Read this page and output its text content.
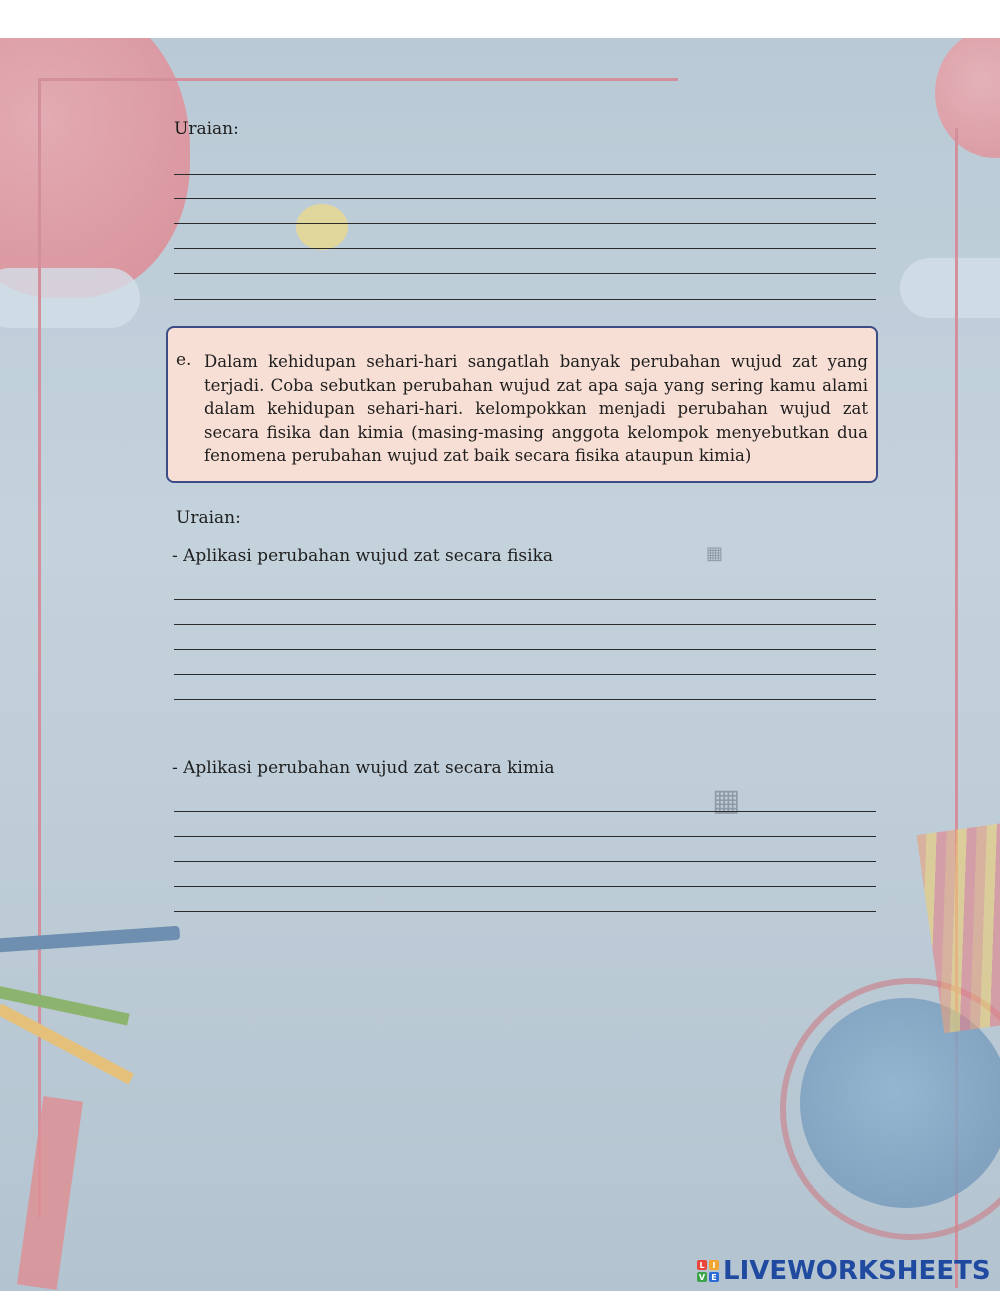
▦
▦
Uraian:
e. Dalam kehidupan sehari-hari sangatlah banyak perubahan wujud zat yang terjadi. Coba sebutkan perubahan wujud zat apa saja yang sering kamu alami dalam kehidupan sehari-hari. kelompokkan menjadi perubahan wujud zat secara fisika dan kimia (masing-masing anggota kelompok menyebutkan dua fenomena perubahan wujud zat baik secara fisika ataupun kimia)
Uraian:
- Aplikasi perubahan wujud zat secara fisika
- Aplikasi perubahan wujud zat secara kimia
L I
V E LIVEWORKSHEETS
